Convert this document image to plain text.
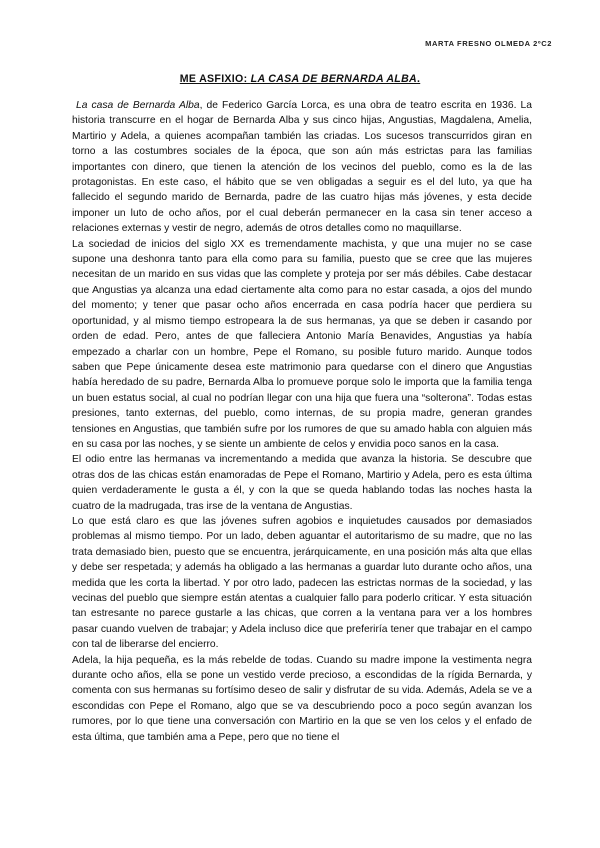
MARTA FRESNO OLMEDA 2ºC2
ME ASFIXIO: LA CASA DE BERNARDA ALBA.

La casa de Bernarda Alba, de Federico García Lorca, es una obra de teatro escrita en 1936. La historia transcurre en el hogar de Bernarda Alba y sus cinco hijas, Angustias, Magdalena, Amelia, Martirio y Adela, a quienes acompañan también las criadas. Los sucesos transcurridos giran en torno a las costumbres sociales de la época, que son aún más estrictas para las familias importantes con dinero, que tienen la atención de los vecinos del pueblo, como es la de las protagonistas. En este caso, el hábito que se ven obligadas a seguir es el del luto, ya que ha fallecido el segundo marido de Bernarda, padre de las cuatro hijas más jóvenes, y esta decide imponer un luto de ocho años, por el cual deberán permanecer en la casa sin tener acceso a relaciones externas y vestir de negro, además de otros detalles como no maquillarse.

La sociedad de inicios del siglo XX es tremendamente machista, y que una mujer no se case supone una deshonra tanto para ella como para su familia, puesto que se cree que las mujeres necesitan de un marido en sus vidas que las complete y proteja por ser más débiles. Cabe destacar que Angustias ya alcanza una edad ciertamente alta como para no estar casada, a ojos del mundo del momento; y tener que pasar ocho años encerrada en casa podría hacer que perdiera su oportunidad, y al mismo tiempo estropeara la de sus hermanas, ya que se deben ir casando por orden de edad. Pero, antes de que falleciera Antonio María Benavides, Angustias ya había empezado a charlar con un hombre, Pepe el Romano, su posible futuro marido. Aunque todos saben que Pepe únicamente desea este matrimonio para quedarse con el dinero que Angustias había heredado de su padre, Bernarda Alba lo promueve porque solo le importa que la familia tenga un buen estatus social, al cual no podrían llegar con una hija que fuera una “solterona”. Todas estas presiones, tanto externas, del pueblo, como internas, de su propia madre, generan grandes tensiones en Angustias, que también sufre por los rumores de que su amado habla con alguien más en su casa por las noches, y se siente un ambiente de celos y envidia poco sanos en la casa.

El odio entre las hermanas va incrementando a medida que avanza la historia. Se descubre que otras dos de las chicas están enamoradas de Pepe el Romano, Martirio y Adela, pero es esta última quien verdaderamente le gusta a él, y con la que se queda hablando todas las noches hasta la cuatro de la madrugada, tras irse de la ventana de Angustias.

Lo que está claro es que las jóvenes sufren agobios e inquietudes causados por demasiados problemas al mismo tiempo. Por un lado, deben aguantar el autoritarismo de su madre, que no las trata demasiado bien, puesto que se encuentra, jerárquicamente, en una posición más alta que ellas y debe ser respetada; y además ha obligado a las hermanas a guardar luto durante ocho años, una medida que les corta la libertad. Y por otro lado, padecen las estrictas normas de la sociedad, y las vecinas del pueblo que siempre están atentas a cualquier fallo para poderlo criticar. Y esta situación tan estresante no parece gustarle a las chicas, que corren a la ventana para ver a los hombres pasar cuando vuelven de trabajar; y Adela incluso dice que preferiría tener que trabajar en el campo con tal de liberarse del encierro.

Adela, la hija pequeña, es la más rebelde de todas. Cuando su madre impone la vestimenta negra durante ocho años, ella se pone un vestido verde precioso, a escondidas de la rígida Bernarda, y comenta con sus hermanas su fortísimo deseo de salir y disfrutar de su vida. Además, Adela se ve a escondidas con Pepe el Romano, algo que se va descubriendo poco a poco según avanzan los rumores, por lo que tiene una conversación con Martirio en la que se ven los celos y el enfado de esta última, que también ama a Pepe, pero que no tiene el
